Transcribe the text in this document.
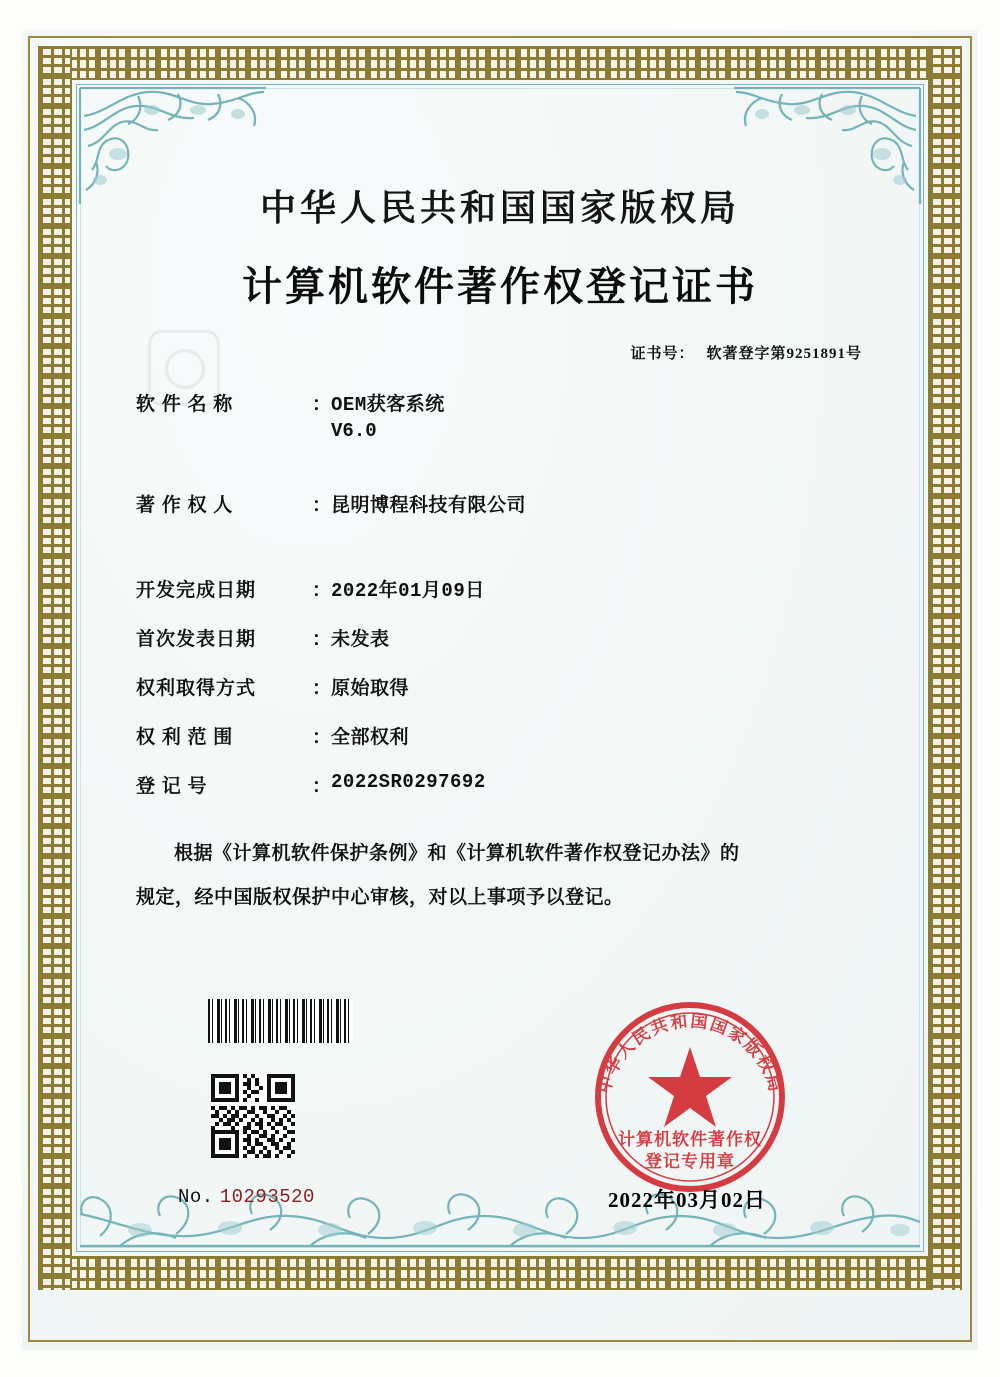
中华人民共和国国家版权局
计算机软件著作权登记证书
证书号： 软著登字第9251891号
软 件 名 称	： OEM获客系统
V6.0
著 作 权 人	： 昆明博程科技有限公司
开发完成日期	： 2022年01月09日
首次发表日期	： 未发表
权利取得方式	： 原始取得
权 利 范 围	： 全部权利
登 记 号	： 2022SR0297692
根据《计算机软件保护条例》和《计算机软件著作权登记办法》的
规定，经中国版权保护中心审核，对以上事项予以登记。
中华人民共和国国家版权局
计算机软件著作权
登记专用章
No. 10293520	2022年03月02日
